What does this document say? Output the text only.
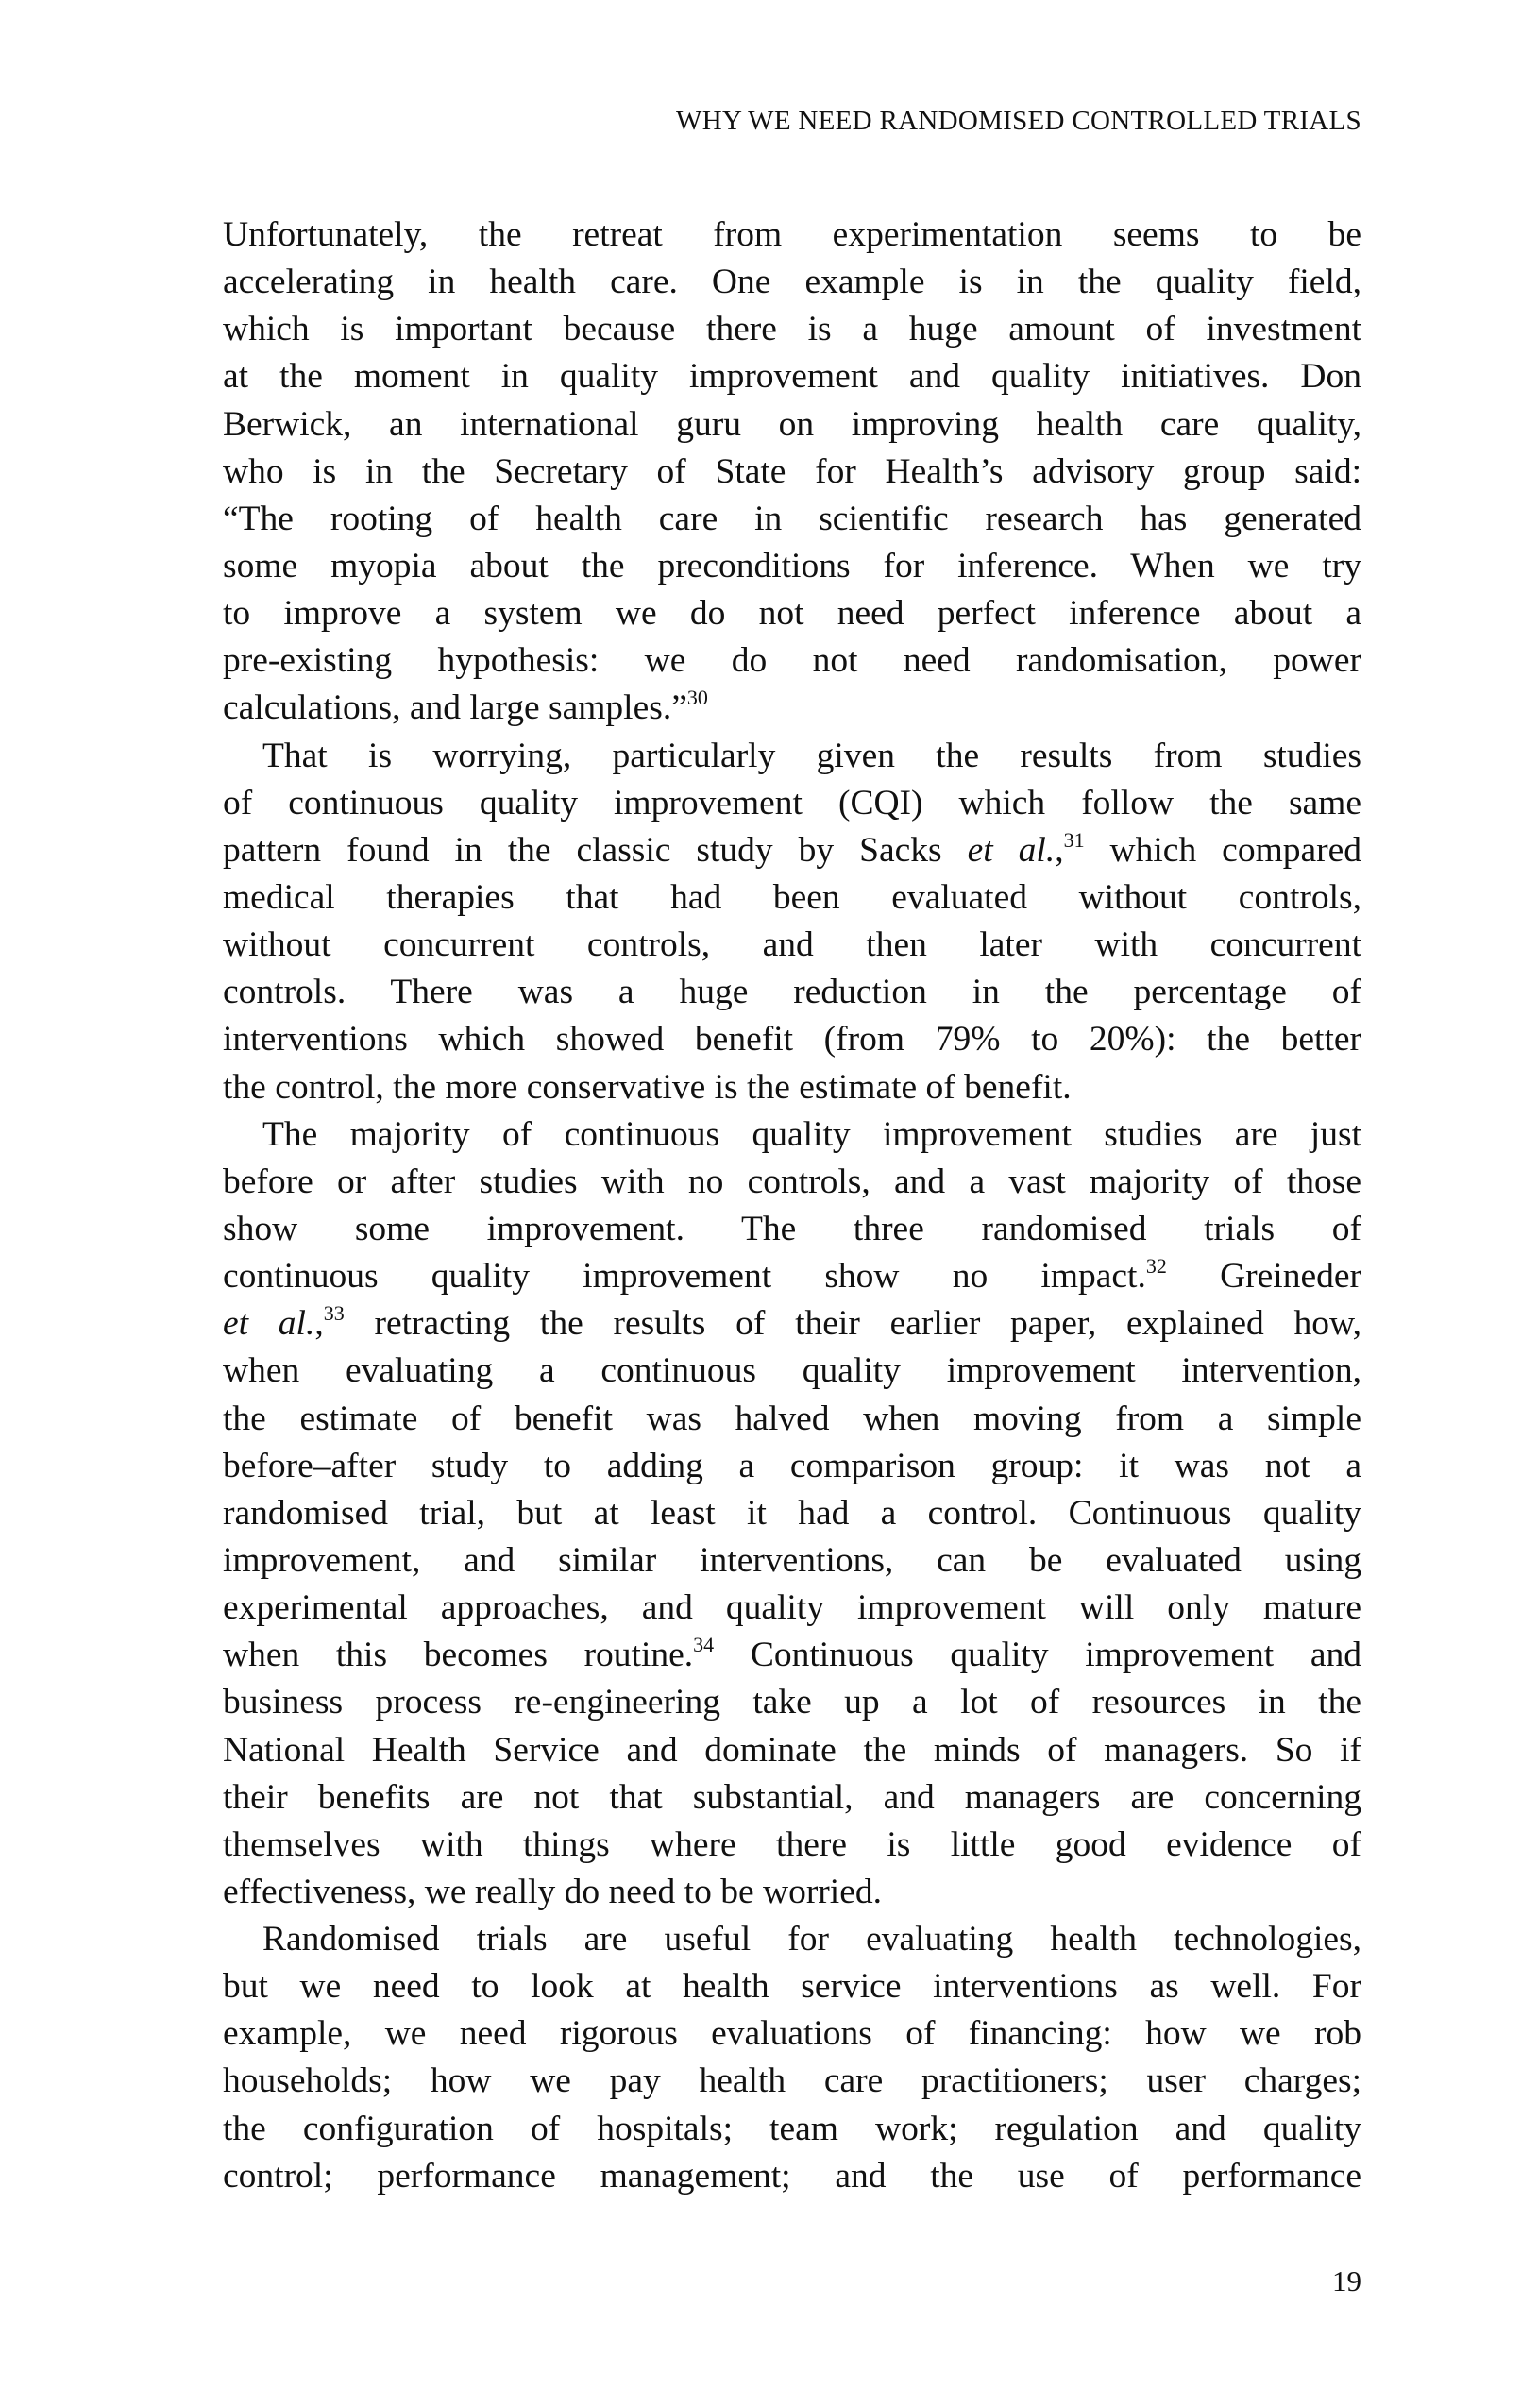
WHY WE NEED RANDOMISED CONTROLLED TRIALS
Unfortunately, the retreat from experimentation seems to be
accelerating in health care. One example is in the quality field,
which is important because there is a huge amount of investment
at the moment in quality improvement and quality initiatives. Don
Berwick, an international guru on improving health care quality,
who is in the Secretary of State for Health’s advisory group said:
“The rooting of health care in scientific research has generated
some myopia about the preconditions for inference. When we try
to improve a system we do not need perfect inference about a
pre-existing hypothesis: we do not need randomisation, power
calculations, and large samples.”$^{30}$
That is worrying, particularly given the results from studies
of continuous quality improvement (CQI) which follow the same
pattern found in the classic study by Sacks et al.,$^{31}$ which compared
medical therapies that had been evaluated without controls,
without concurrent controls, and then later with concurrent
controls. There was a huge reduction in the percentage of
interventions which showed benefit (from 79% to 20%): the better
the control, the more conservative is the estimate of benefit.
The majority of continuous quality improvement studies are just
before or after studies with no controls, and a vast majority of those
show some improvement. The three randomised trials of
continuous quality improvement show no impact.$^{32}$ Greineder
et al.,$^{33}$ retracting the results of their earlier paper, explained how,
when evaluating a continuous quality improvement intervention,
the estimate of benefit was halved when moving from a simple
before–after study to adding a comparison group: it was not a
randomised trial, but at least it had a control. Continuous quality
improvement, and similar interventions, can be evaluated using
experimental approaches, and quality improvement will only mature
when this becomes routine.$^{34}$ Continuous quality improvement and
business process re-engineering take up a lot of resources in the
National Health Service and dominate the minds of managers. So if
their benefits are not that substantial, and managers are concerning
themselves with things where there is little good evidence of
effectiveness, we really do need to be worried.
Randomised trials are useful for evaluating health technologies,
but we need to look at health service interventions as well. For
example, we need rigorous evaluations of financing: how we rob
households; how we pay health care practitioners; user charges;
the configuration of hospitals; team work; regulation and quality
control; performance management; and the use of performance
19
